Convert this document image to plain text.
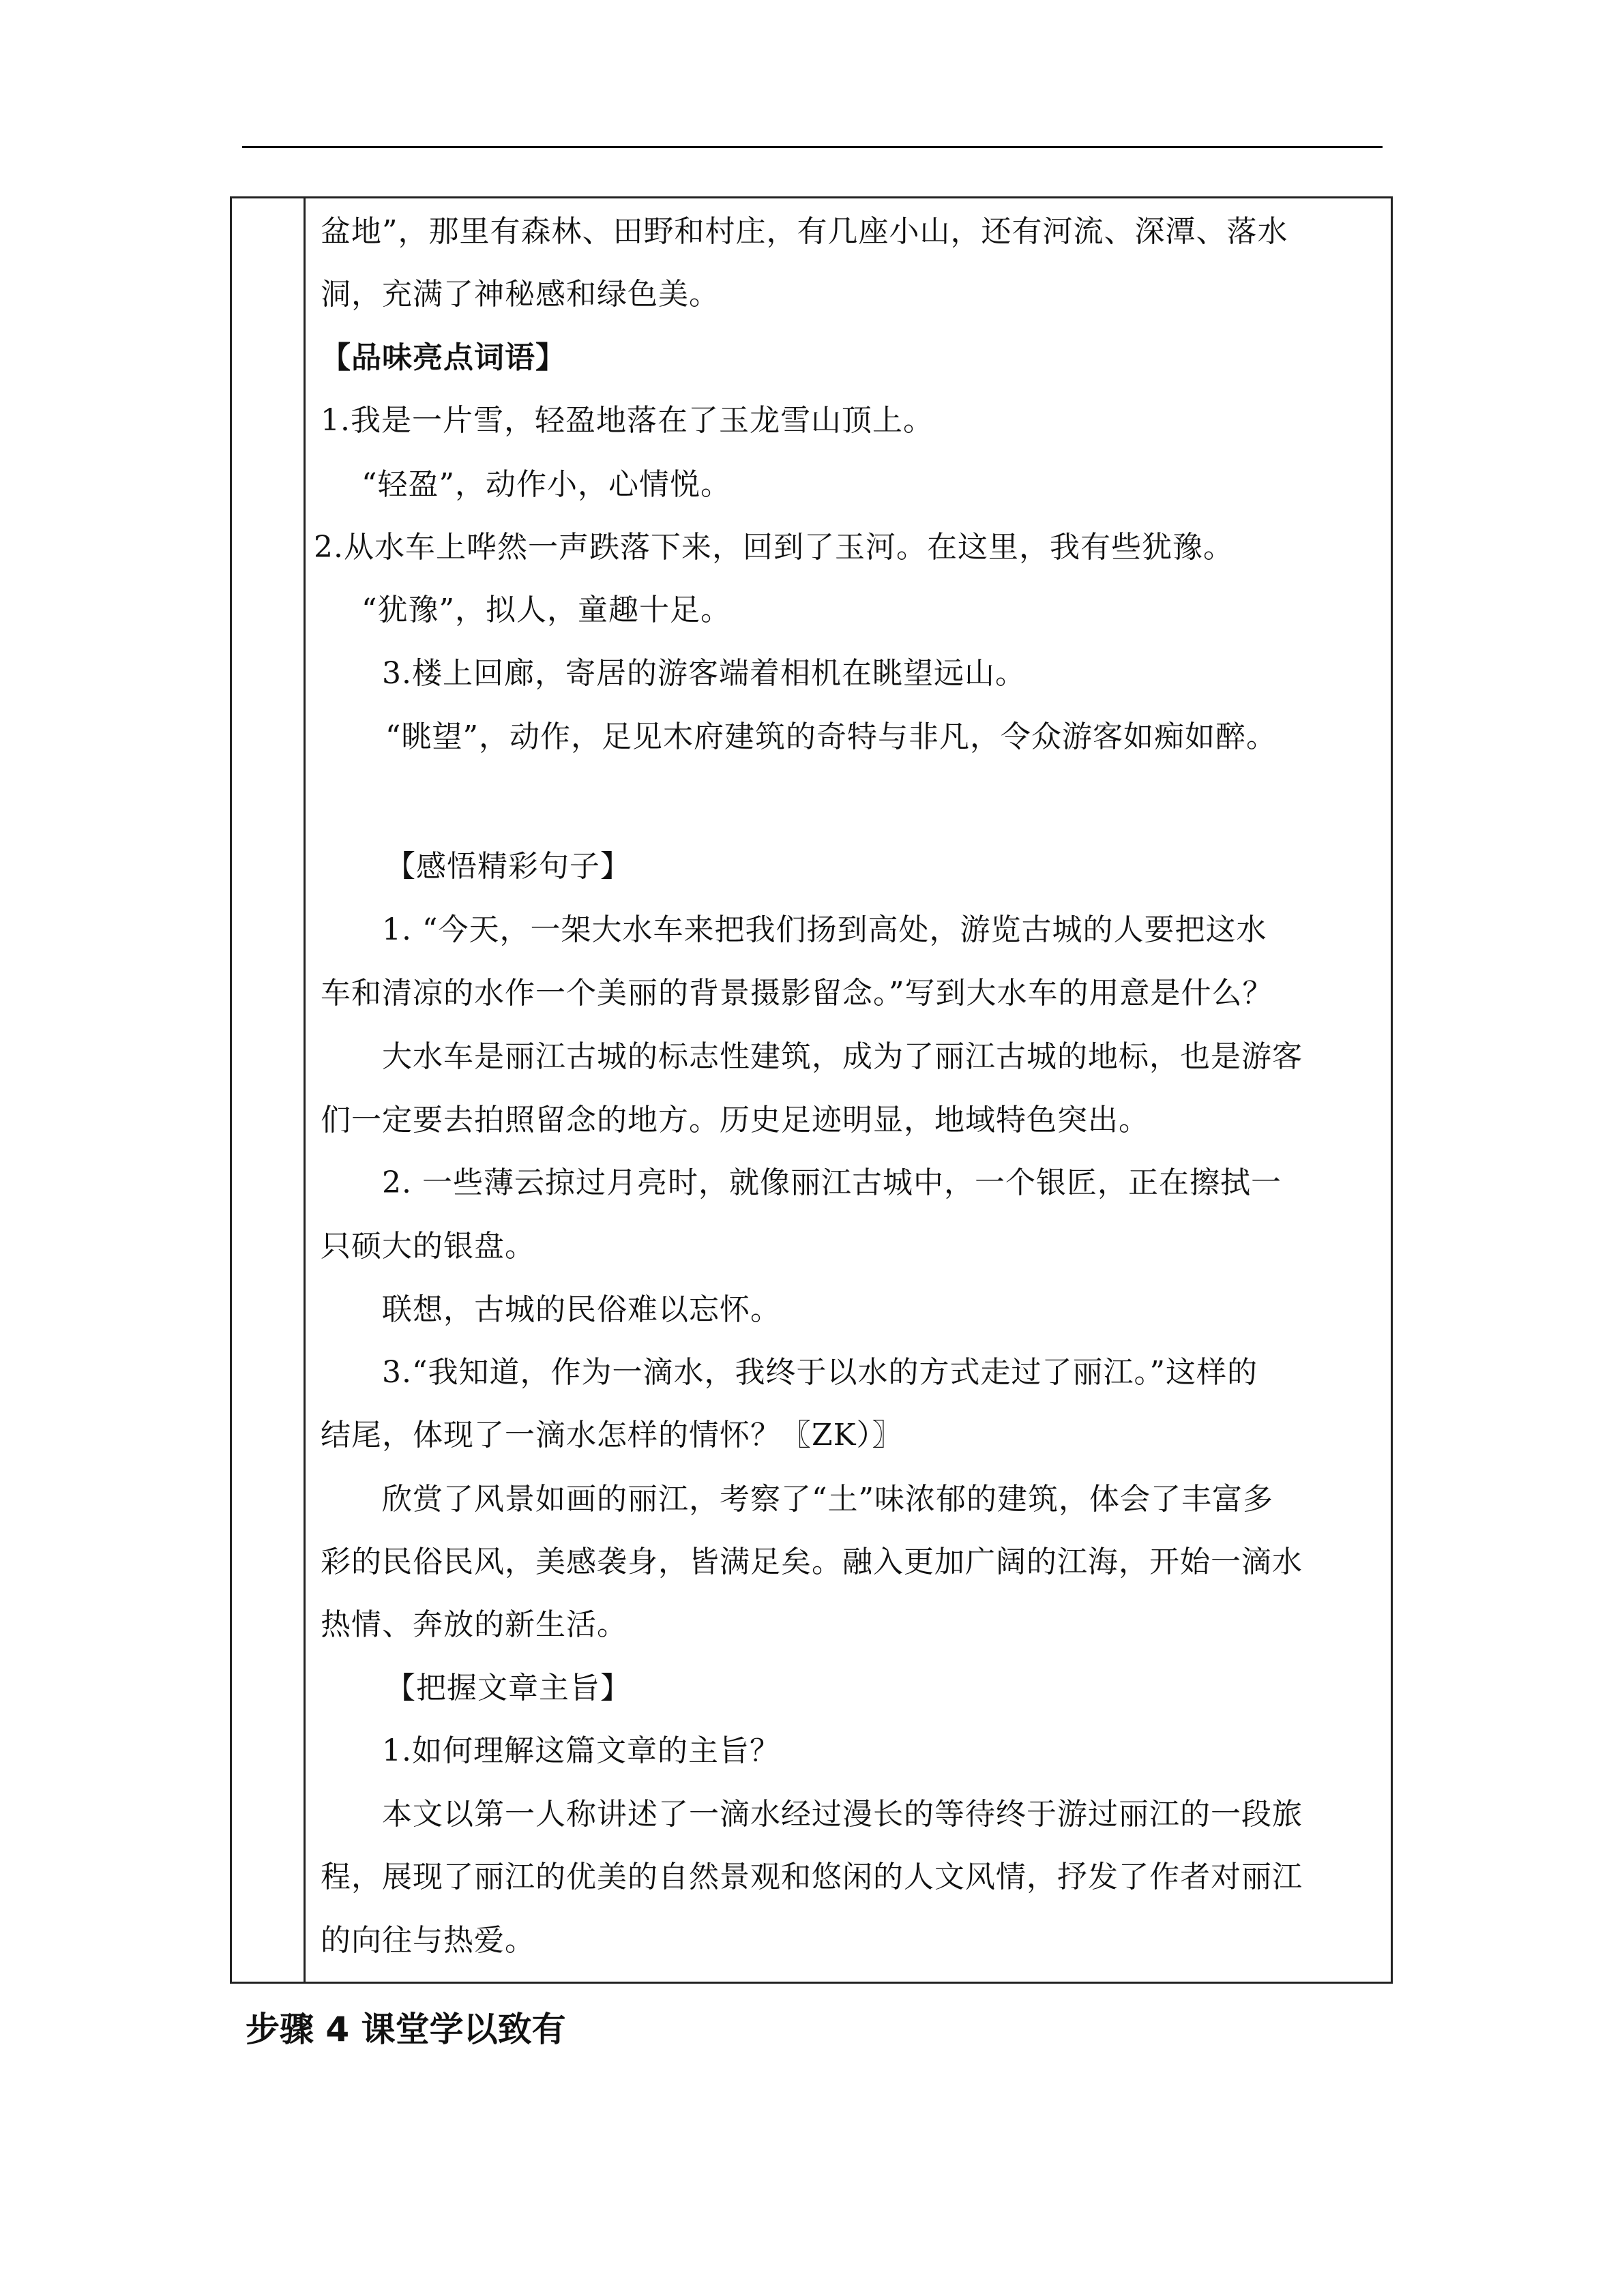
盆地”，那里有森林、田野和村庄，有几座小山，还有河流、深潭、落水
洞，充满了神秘感和绿色美。
【品味亮点词语】
1.我是一片雪，轻盈地落在了玉龙雪山顶上。
“轻盈”，动作小，心情悦。
2.从水车上哗然一声跌落下来，回到了玉河。在这里，我有些犹豫。
“犹豫”，拟人，童趣十足。
3.楼上回廊，寄居的游客端着相机在眺望远山。
“眺望”，动作，足见木府建筑的奇特与非凡，令众游客如痴如醉。
【感悟精彩句子】
1. “今天，一架大水车来把我们扬到高处，游览古城的人要把这水
车和清凉的水作一个美丽的背景摄影留念。”写到大水车的用意是什么？
大水车是丽江古城的标志性建筑，成为了丽江古城的地标，也是游客
们一定要去拍照留念的地方。历史足迹明显，地域特色突出。
2. 一些薄云掠过月亮时，就像丽江古城中，一个银匠，正在擦拭一
只硕大的银盘。
联想，古城的民俗难以忘怀。
3.“我知道，作为一滴水，我终于以水的方式走过了丽江。”这样的
结尾，体现了一滴水怎样的情怀？〖ZK）〗
欣赏了风景如画的丽江，考察了“土”味浓郁的建筑，体会了丰富多
彩的民俗民风，美感袭身，皆满足矣。融入更加广阔的江海，开始一滴水
热情、奔放的新生活。
【把握文章主旨】
1.如何理解这篇文章的主旨？
本文以第一人称讲述了一滴水经过漫长的等待终于游过丽江的一段旅
程，展现了丽江的优美的自然景观和悠闲的人文风情，抒发了作者对丽江
的向往与热爱。
步骤 4 课堂学以致有
